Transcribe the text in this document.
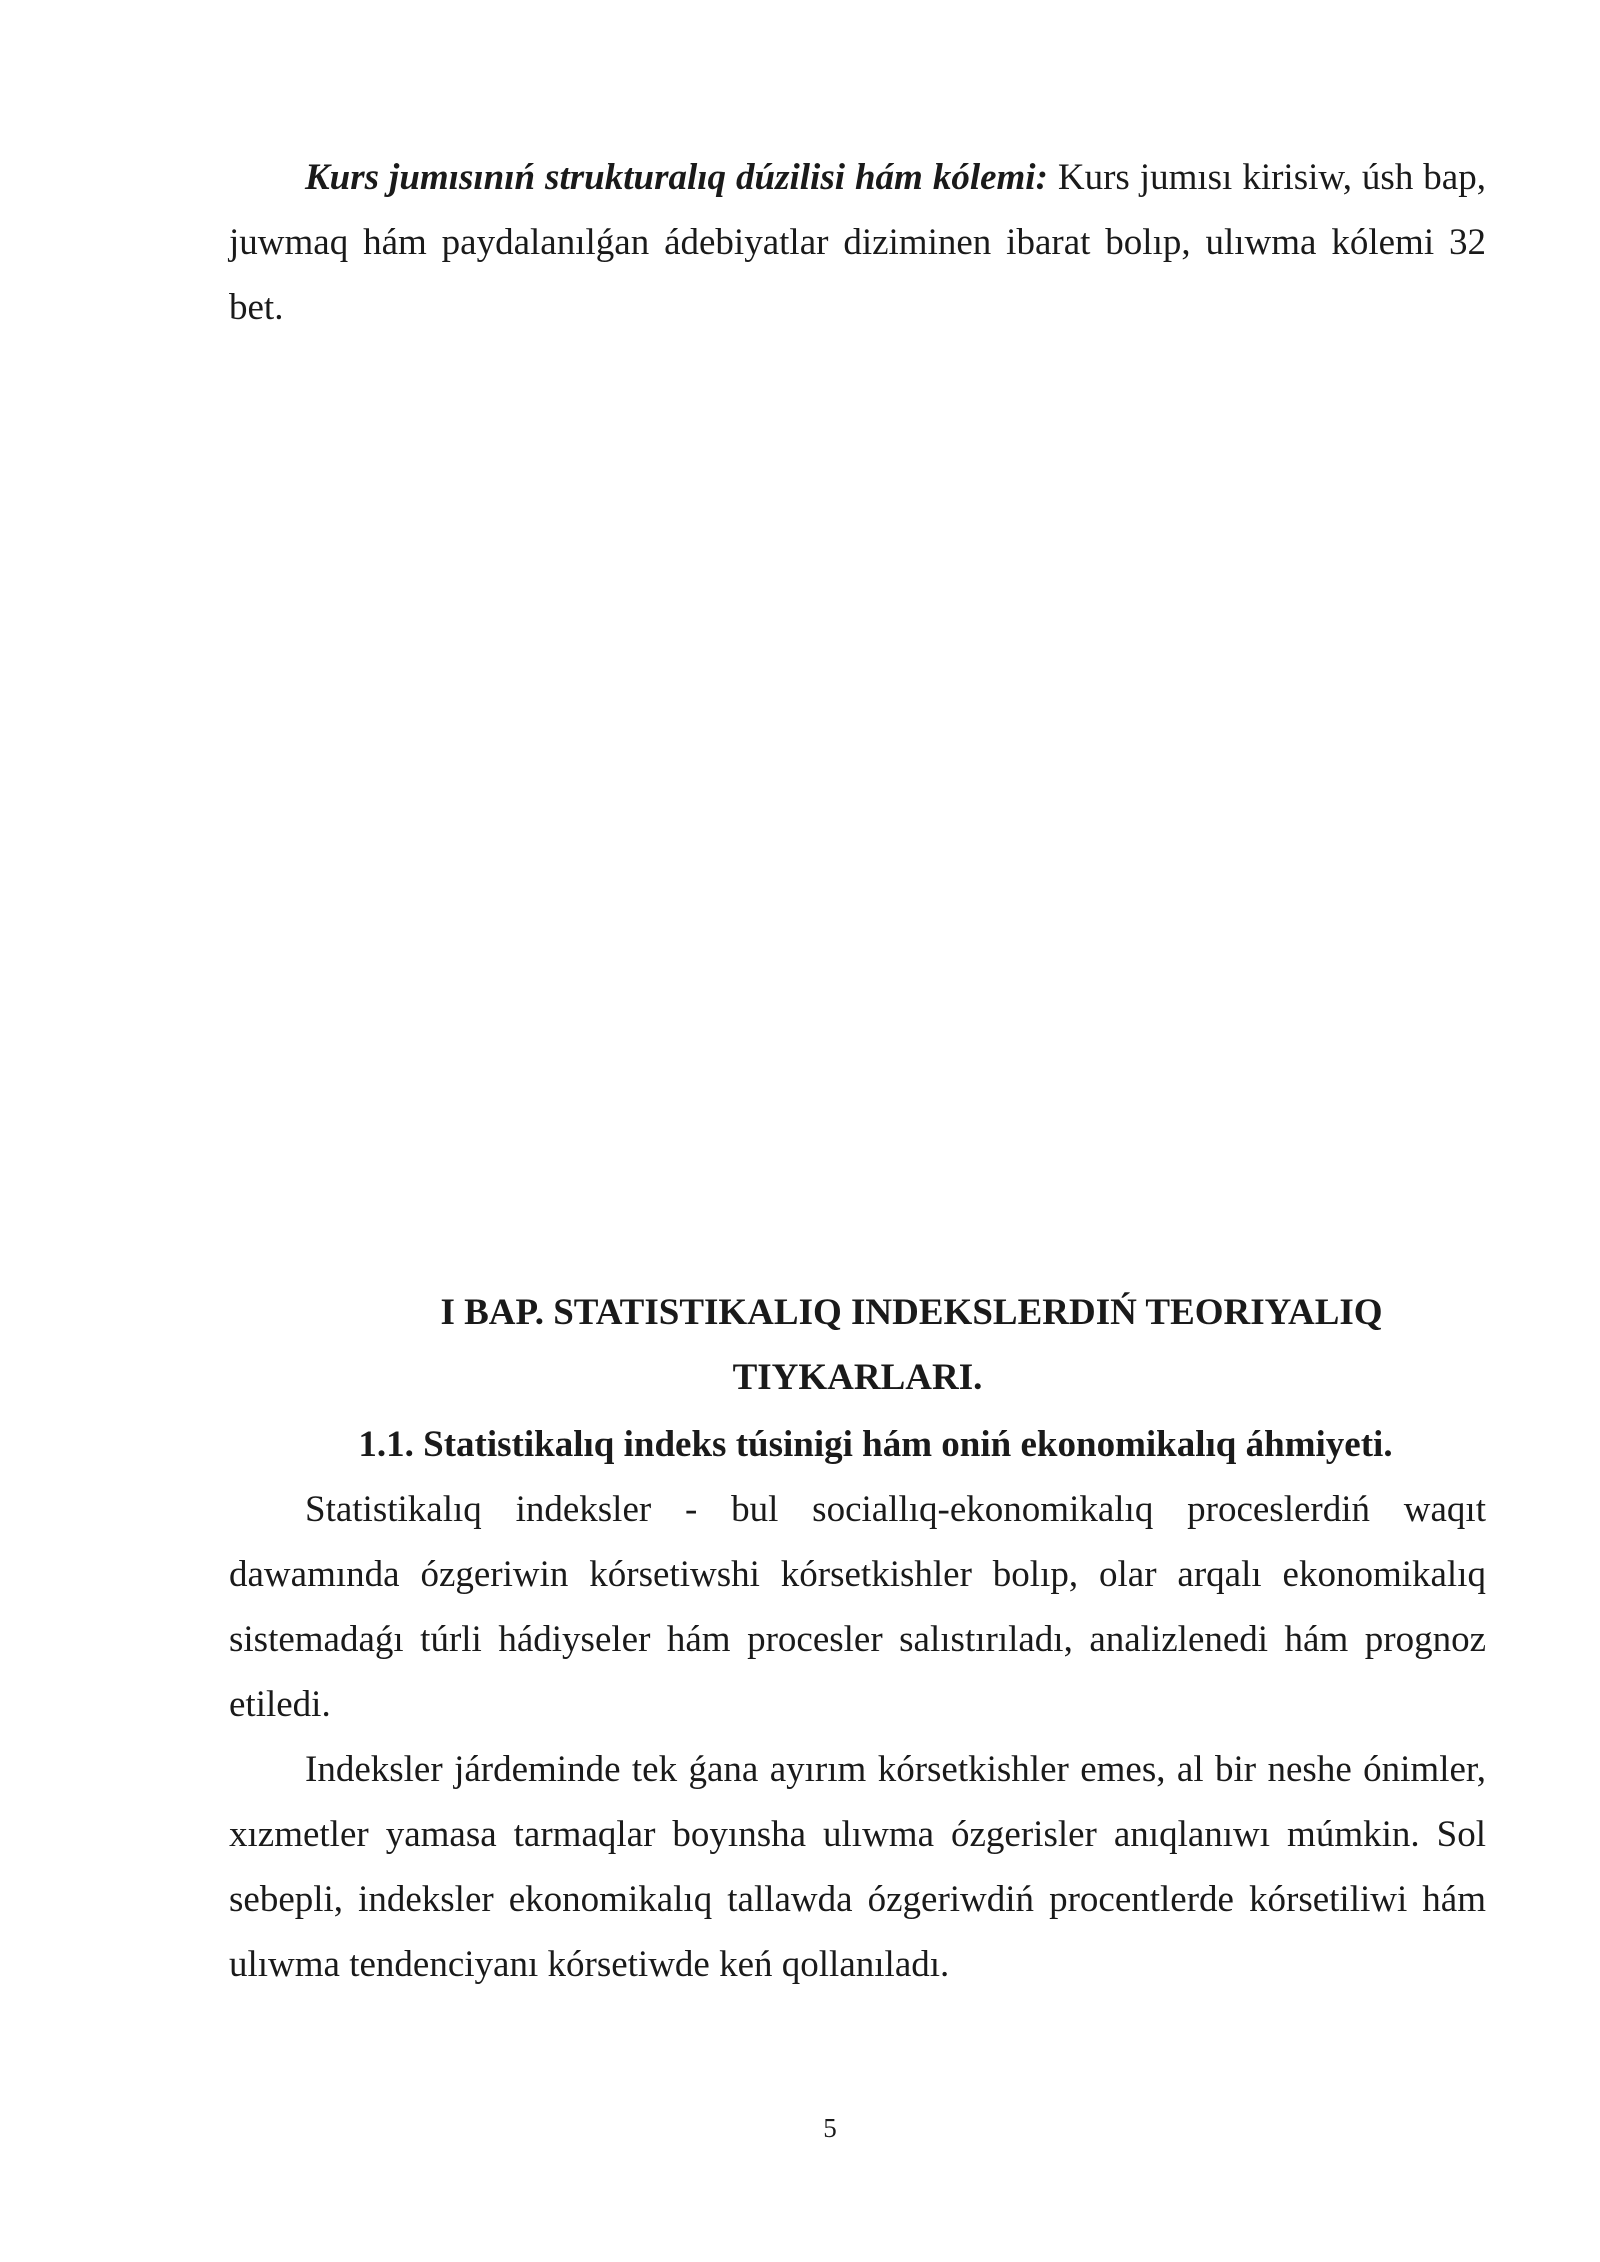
Kurs jumısınıń strukturalıq dúzilisi hám kólemi: Kurs jumısı kirisiw, úsh bap, juwmaq hám paydalanılǵan ádebiyatlar diziminen ibarat bolıp, ulıwma kólemi 32 bet.

I BAP. STATISTIKALIQ INDEKSLERDIŃ TEORIYALIQ
TIYKARLARI.
1.1. Statistikalıq indeks túsinigi hám oniń ekonomikalıq áhmiyeti.

Statistikalıq indeksler - bul sociallıq-ekonomikalıq proceslerdiń waqıt dawamında ózgeriwin kórsetiwshi kórsetkishler bolıp, olar arqalı ekonomikalıq sistemadaǵı túrli hádiyseler hám procesler salıstırıladı, analizlenedi hám prognoz etiledi.

Indeksler járdeminde tek ǵana ayırım kórsetkishler emes, al bir neshe ónimler, xızmetler yamasa tarmaqlar boyınsha ulıwma ózgerisler anıqlanıwı múmkin. Sol sebepli, indeksler ekonomikalıq tallawda ózgeriwdiń procentlerde kórsetiliwi hám ulıwma tendenciyanı kórsetiwde keń qollanıladı.

5
